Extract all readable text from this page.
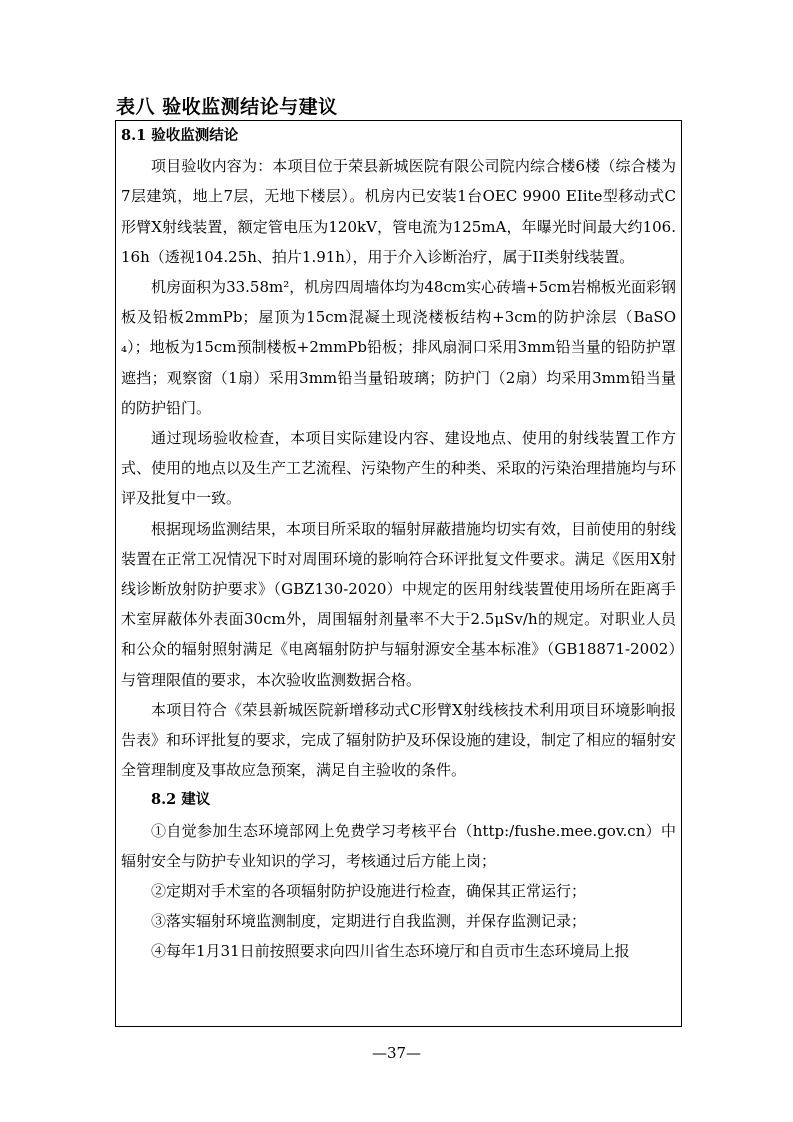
表八 验收监测结论与建议
8.1 验收监测结论

项目验收内容为：本项目位于荣县新城医院有限公司院内综合楼6楼（综合楼为7层建筑，地上7层，无地下楼层）。机房内已安装1台OEC 9900 EIite型移动式C形臂X射线装置，额定管电压为120kV，管电流为125mA，年曝光时间最大约106.16h（透视104.25h、拍片1.91h），用于介入诊断治疗，属于II类射线装置。

机房面积为33.58m²，机房四周墙体均为48cm实心砖墙+5cm岩棉板光面彩钢板及铅板2mmPb；屋顶为15cm混凝土现浇楼板结构+3cm的防护涂层（BaSO₄）；地板为15cm预制楼板+2mmPb铅板；排风扇洞口采用3mm铅当量的铅防护罩遮挡；观察窗（1扇）采用3mm铅当量铅玻璃；防护门（2扇）均采用3mm铅当量的防护铅门。

通过现场验收检查，本项目实际建设内容、建设地点、使用的射线装置工作方式、使用的地点以及生产工艺流程、污染物产生的种类、采取的污染治理措施均与环评及批复中一致。

根据现场监测结果，本项目所采取的辐射屏蔽措施均切实有效，目前使用的射线装置在正常工况情况下时对周围环境的影响符合环评批复文件要求。满足《医用X射线诊断放射防护要求》（GBZ130-2020）中规定的医用射线装置使用场所在距离手术室屏蔽体外表面30cm外，周围辐射剂量率不大于2.5μSv/h的规定。对职业人员和公众的辐射照射满足《电离辐射防护与辐射源安全基本标准》（GB18871-2002）与管理限值的要求，本次验收监测数据合格。

本项目符合《荣县新城医院新增移动式C形臂X射线核技术利用项目环境影响报告表》和环评批复的要求，完成了辐射防护及环保设施的建设，制定了相应的辐射安全管理制度及事故应急预案，满足自主验收的条件。

8.2 建议

①自觉参加生态环境部网上免费学习考核平台（http:/fushe.mee.gov.cn）中辐射安全与防护专业知识的学习，考核通过后方能上岗；

②定期对手术室的各项辐射防护设施进行检查，确保其正常运行；

③落实辐射环境监测制度，定期进行自我监测，并保存监测记录；

④每年1月31日前按照要求向四川省生态环境厅和自贡市生态环境局上报

—37—
